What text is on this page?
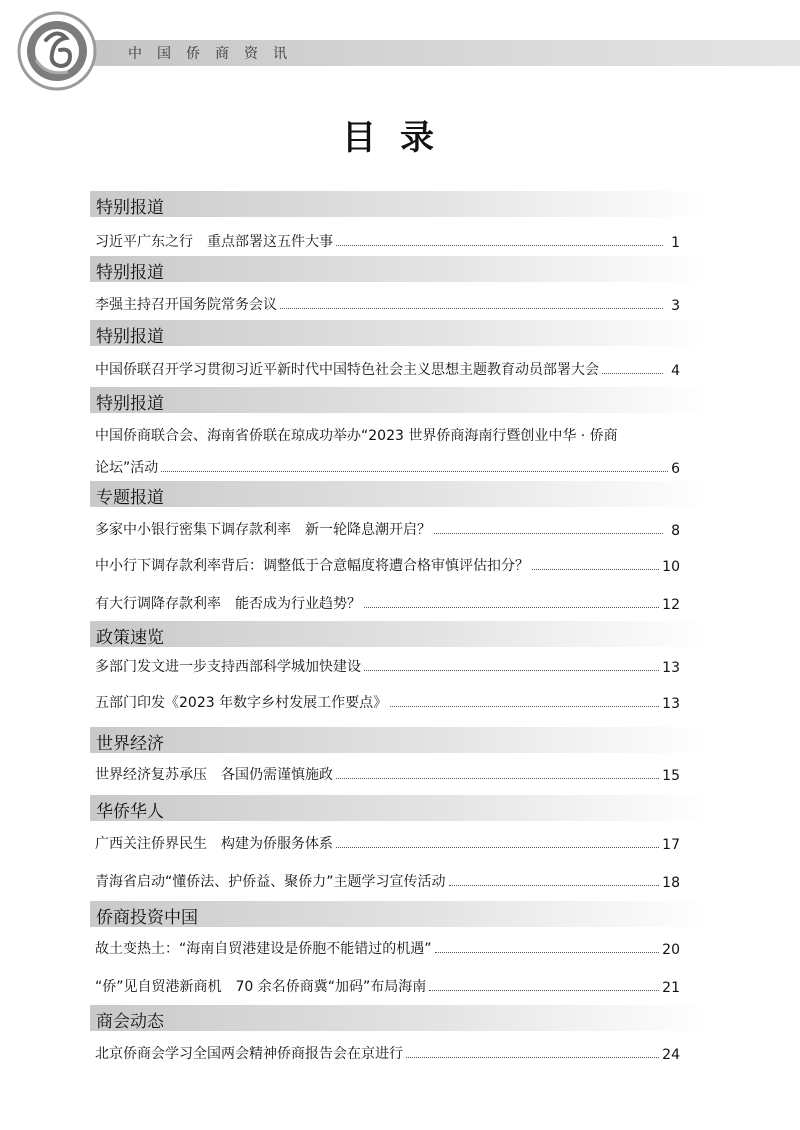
中国侨商资讯
目录
特别报道
习近平广东之行　重点部署这五件大事	1
特别报道
李强主持召开国务院常务会议	3
特别报道
中国侨联召开学习贯彻习近平新时代中国特色社会主义思想主题教育动员部署大会	4
特别报道
中国侨商联合会、海南省侨联在琼成功举办“2023 世界侨商海南行暨创业中华 · 侨商
论坛”活动	6
专题报道
多家中小银行密集下调存款利率　新一轮降息潮开启？	8
中小行下调存款利率背后：调整低于合意幅度将遭合格审慎评估扣分？	10
有大行调降存款利率　能否成为行业趋势？	12
政策速览
多部门发文进一步支持西部科学城加快建设	13
五部门印发《2023 年数字乡村发展工作要点》	13
世界经济
世界经济复苏承压　各国仍需谨慎施政	15
华侨华人
广西关注侨界民生　构建为侨服务体系	17
青海省启动“懂侨法、护侨益、聚侨力”主题学习宣传活动	18
侨商投资中国
故土变热土：“海南自贸港建设是侨胞不能错过的机遇”	20
“侨”见自贸港新商机　70 余名侨商冀“加码”布局海南	21
商会动态
北京侨商会学习全国两会精神侨商报告会在京进行	24
